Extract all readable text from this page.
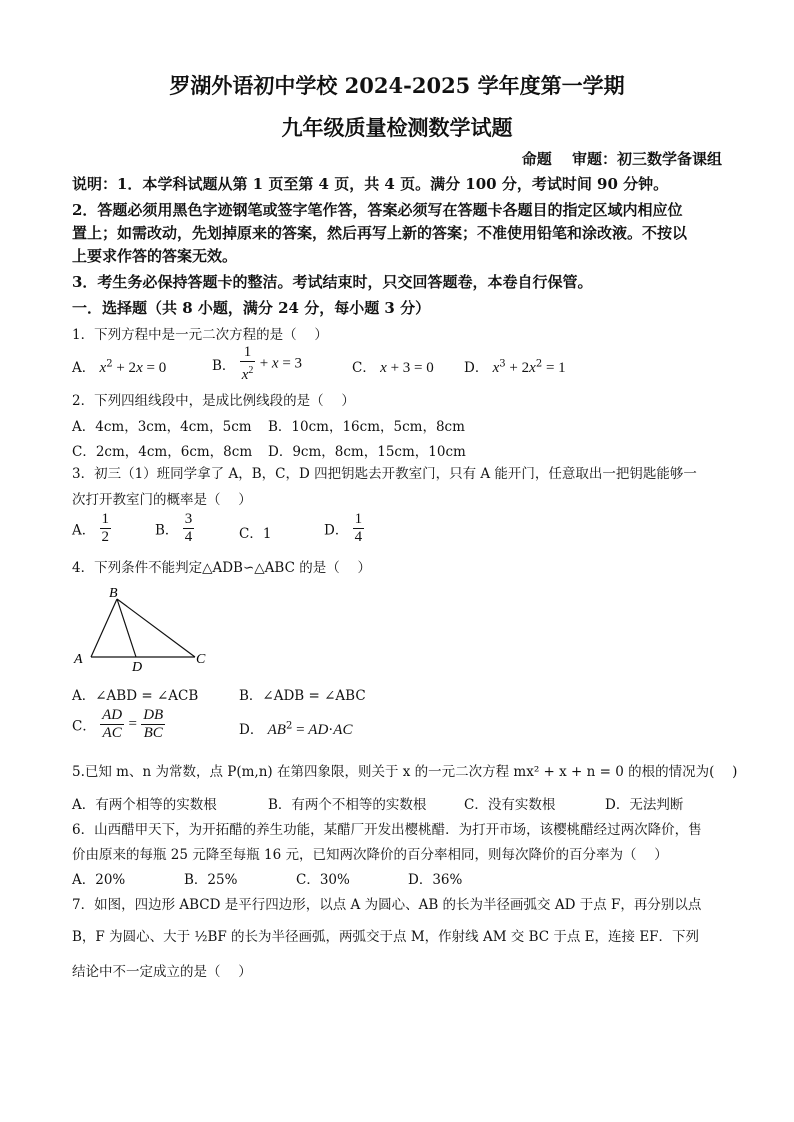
罗湖外语初中学校 2024-2025 学年度第一学期
九年级质量检测数学试题
命题　 审题：初三数学备课组
说明：1．本学科试题从第 1 页至第 4 页，共 4 页。满分 100 分，考试时间 90 分钟。
2．答题必须用黑色字迹钢笔或签字笔作答，答案必须写在答题卡各题目的指定区域内相应位
置上；如需改动，先划掉原来的答案，然后再写上新的答案；不准使用铅笔和涂改液。不按以
上要求作答的答案无效。
3．考生务必保持答题卡的整洁。考试结束时，只交回答题卷，本卷自行保管。
一．选择题（共 8 小题，满分 24 分，每小题 3 分）
1．下列方程中是一元二次方程的是（　 ）
A． $x^2 + 2x = 0$	B． $\frac{1}{x^2} + x = 3$	C． x + 3 = 0 D． $x^3 + 2x^2 = 1$
2．下列四组线段中，是成比例线段的是（　 ）
A．4cm，3cm，4cm，5cm B．10cm，16cm，5cm，8cm
C．2cm，4cm，6cm，8cm D．9cm，8cm，15cm，10cm
3．初三（1）班同学拿了 A，B，C，D 四把钥匙去开教室门，只有 A 能开门，任意取出一把钥匙能够一
次打开教室门的概率是（　 ）
A． $\frac{1}{2}$	B． $\frac{3}{4}$	C．1	D． $\frac{1}{4}$
4．下列条件不能判定△ADB∽△ABC 的是（　 ）
B
A
D
C
A．∠ABD = ∠ACB	B．∠ADB = ∠ABC
C． $\frac{AD}{AC} = \frac{DB}{BC}$	D． $AB^2 = AD\cdot AC$
5.已知 m、n 为常数，点 P(m,n) 在第四象限，则关于 x 的一元二次方程 mx² + x + n = 0 的根的情况为(　 )
A．有两个相等的实数根	B．有两个不相等的实数根	C．没有实数根	D．无法判断
6．山西醋甲天下，为开拓醋的养生功能，某醋厂开发出樱桃醋．为打开市场，该樱桃醋经过两次降价，售
价由原来的每瓶 25 元降至每瓶 16 元，已知两次降价的百分率相同，则每次降价的百分率为（　 ）
A．20%	B．25%	C．30%	D．36%
7．如图，四边形 ABCD 是平行四边形，以点 A 为圆心、AB 的长为半径画弧交 AD 于点 F，再分别以点
B，F 为圆心、大于 ½BF 的长为半径画弧，两弧交于点 M，作射线 AM 交 BC 于点 E，连接 EF．下列
结论中不一定成立的是（　 ）
